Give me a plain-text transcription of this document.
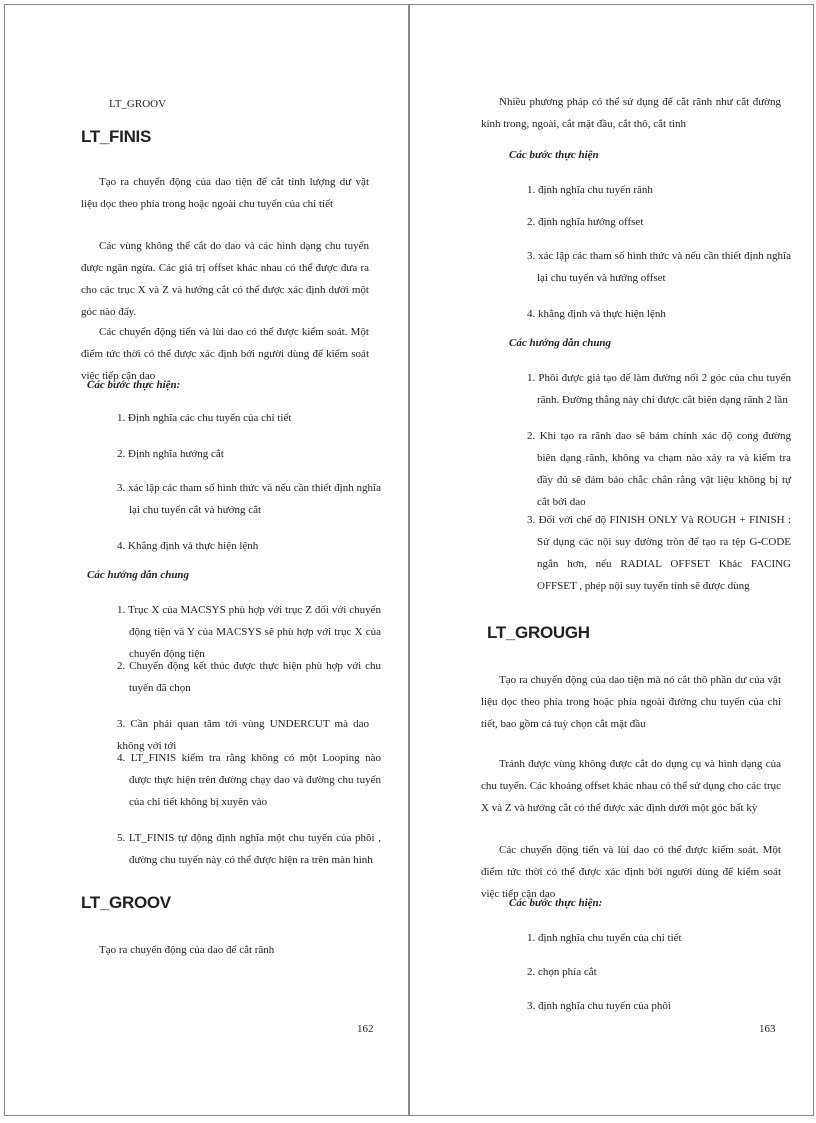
LT_GROOV
LT_FINIS

Tạo ra chuyển động của dao tiện để cắt tinh lượng dư vật liệu dọc theo phía trong hoặc ngoài chu tuyến của chi tiết

Các vùng không thể cắt do dao và các hình dạng chu tuyến được ngăn ngừa. Các giá trị offset khác nhau có thể được đưa ra cho các trục X và Z và hướng cắt có thể được xác định dưới một góc nào đấy.

Các chuyển động tiến và lùi dao có thể được kiểm soát. Một điểm tức thời có thể được xác định bởi người dùng để kiểm soát việc tiếp cận dao

Các bước thực hiện:

1. Định nghĩa các chu tuyến của chi tiết

2. Định nghĩa hướng cắt

3. xác lập các tham số hình thức và nếu cần thiết định nghĩa lại chu tuyến cắt và hướng cắt

4. Khẳng định và thực hiện lệnh

Các hướng dẫn chung

1. Trục X của MACSYS phù hợp với trục Z đối với chuyển động tiện và Y của MACSYS sẽ phù hợp với trục X của chuyển động tiện

2. Chuyển động kết thúc được thực hiện phù hợp với chu tuyến đã chọn

3. Cần phải quan tâm tới vùng UNDERCUT mà dao không với tới

4. LT_FINIS kiểm tra rằng không có một Looping nào được thực hiện trên đường chạy dao và đường chu tuyến của chi tiết không bị xuyên vào

5. LT_FINIS tự động định nghĩa một chu tuyến của phôi , đường chu tuyến này có thể được hiện ra trên màn hình

LT_GROOV

Tạo ra chuyển động của dao để cắt rãnh

162

Nhiều phương pháp có thể sử dụng để cắt rãnh như cắt đường kính trong, ngoài, cắt mặt đầu, cắt thô, cắt tinh

Các bước thực hiện

1. định nghĩa chu tuyến rãnh

2. định nghĩa hướng offset

3. xác lập các tham số hình thức và nếu cần thiết định nghĩa lại chu tuyến và hướng offset

4. khẳng định và thực hiện lệnh

Các hướng dẫn chung

1. Phôi được giả tạo để làm đường nối 2 góc của chu tuyến rãnh. Đường thẳng này chỉ được cắt biên dạng rãnh 2 lần

2. Khi tạo ra rãnh dao sẽ bám chính xác độ cong đường biên dạng rãnh, không va chạm nào xảy ra và kiểm tra đầy đủ sẽ đảm bảo chắc chắn rằng vật liệu không bị tự cắt bởi dao

3. Đối với chế độ FINISH ONLY Và ROUGH + FINISH : Sử dụng các nội suy đường tròn để tạo ra tệp G-CODE ngắn hơn, nếu RADIAL OFFSET Khác FACING OFFSET , phép nội suy tuyến tính sẽ được dùng

LT_GROUGH

Tạo ra chuyển động của dao tiện mà nó cắt thô phần dư của vật liệu dọc theo phía trong hoặc phía ngoài đường chu tuyến của chi tiết, bao gồm cả tuỳ chọn cắt mặt đầu

Tránh được vùng không được cắt do dụng cụ và hình dạng của chu tuyến. Các khoảng offset khác nhau có thể sử dụng cho các trục X và Z và hướng cắt có thể được xác định dưới một góc bất kỳ

Các chuyển động tiến và lùi dao có thể được kiểm soát. Một điểm tức thời có thể được xác định bởi người dùng để kiểm soát việc tiếp cận dao

Các bước thực hiện:

1. định nghĩa chu tuyến của chi tiết

2. chọn phía cắt

3. định nghĩa chu tuyến của phôi

163
